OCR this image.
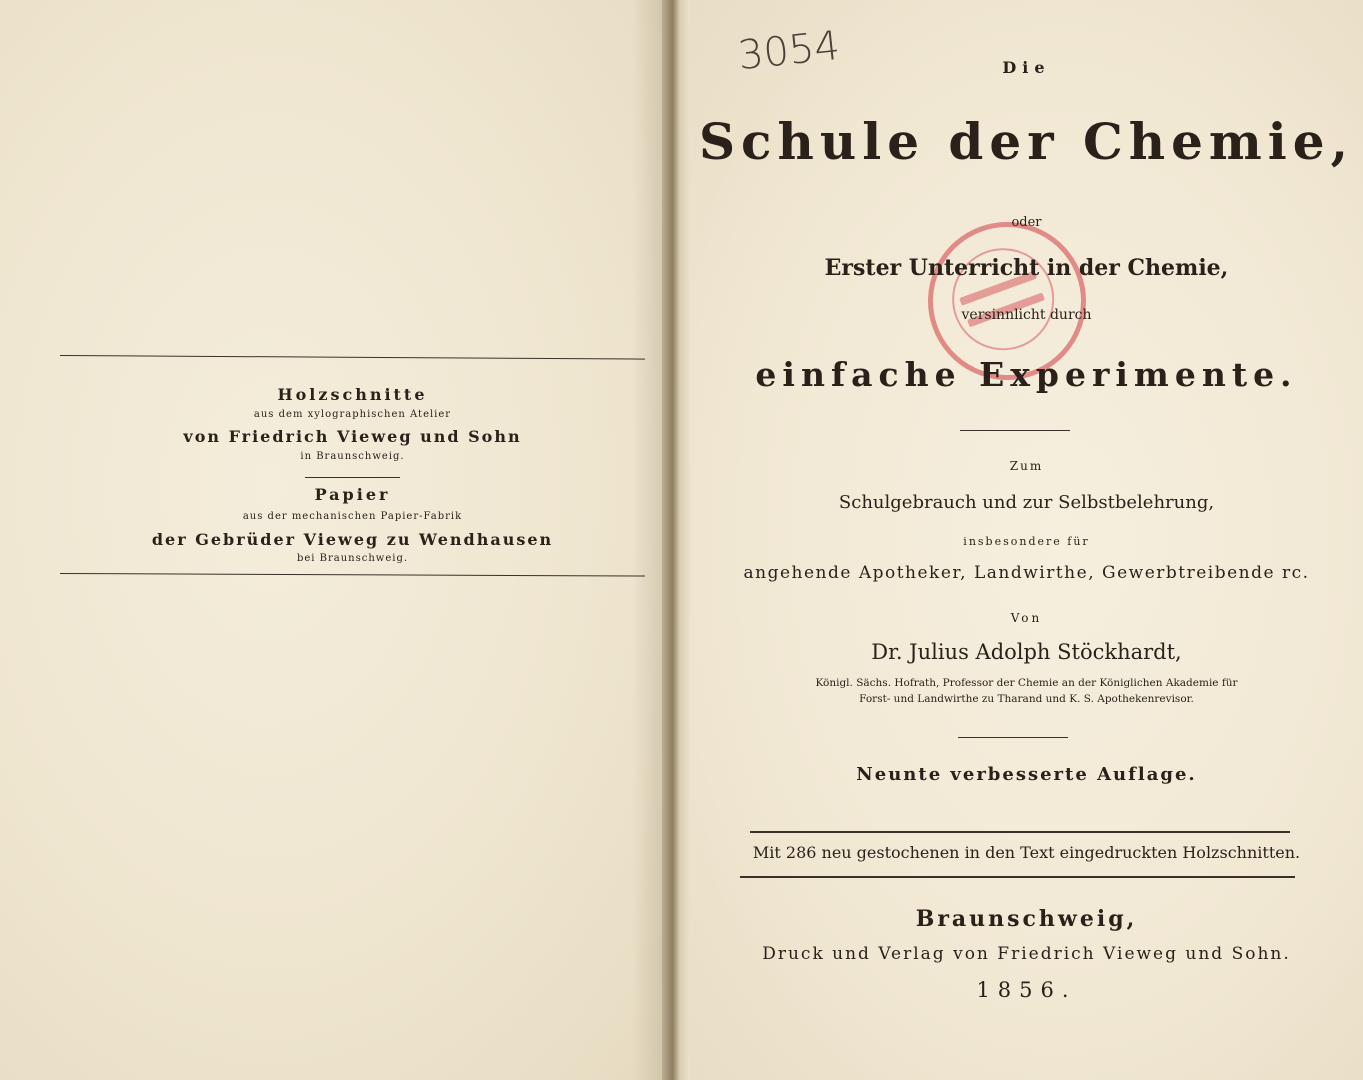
Holzschnitte
aus dem xylographischen Atelier
von Friedrich Vieweg und Sohn
in Braunschweig.
Papier
aus der mechanischen Papier-Fabrik
der Gebrüder Vieweg zu Wendhausen
bei Braunschweig.
3054	Die
Schule der Chemie,
oder
Erster Unterricht in der Chemie,
versinnlicht durch
einfache Experimente.
Zum
Schulgebrauch und zur Selbstbelehrung,
insbesondere für
angehende Apotheker, Landwirthe, Gewerbtreibende rc.
Von
Dr. Julius Adolph Stöckhardt,
Königl. Sächs. Hofrath, Professor der Chemie an der Königlichen Akademie für
Forst- und Landwirthe zu Tharand und K. S. Apothekenrevisor.
Neunte verbesserte Auflage.
Mit 286 neu gestochenen in den Text eingedruckten Holzschnitten.
Braunschweig,
Druck und Verlag von Friedrich Vieweg und Sohn.
1856.
